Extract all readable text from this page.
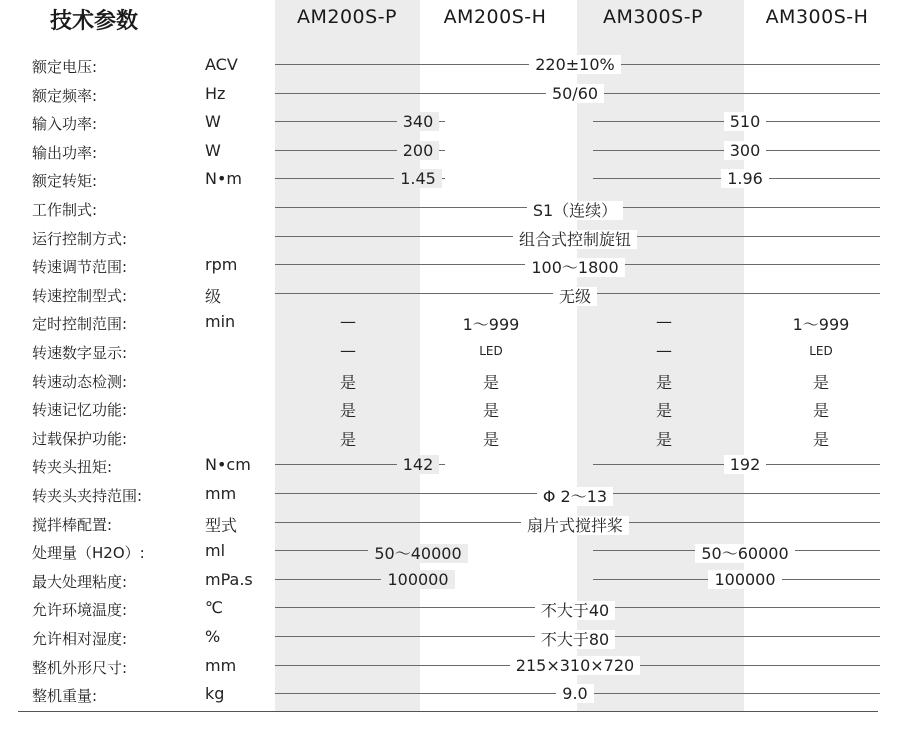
技术参数	AM200S-P	AM200S-H	AM300S-P	AM300S-H
额定电压:	ACV	220±10%
额定频率:	Hz	50/60
输入功率:	W	340	510
输出功率:	W	200	300
额定转矩:	N•m	1.45	1.96
工作制式:	S1（连续）
运行控制方式:	组合式控制旋钮
转速调节范围:	rpm	100～1800
转速控制型式:	级	无级
定时控制范围:	min	—	1～999	—	1～999
转速数字显示:	—	LED	—	LED
转速动态检测:	是	是	是	是
转速记忆功能:	是	是	是	是
过载保护功能:	是	是	是	是
转夹头扭矩:	N•cm	142	192
转夹头夹持范围:	mm	Φ 2～13
搅拌棒配置:	型式	扇片式搅拌桨
处理量（H2O）:	ml	50～40000	50～60000
最大处理粘度:	mPa.s	100000	100000
允许环境温度:	℃	不大于40
允许相对湿度:	%	不大于80
整机外形尺寸:	mm	215×310×720
整机重量:	kg	9.0
